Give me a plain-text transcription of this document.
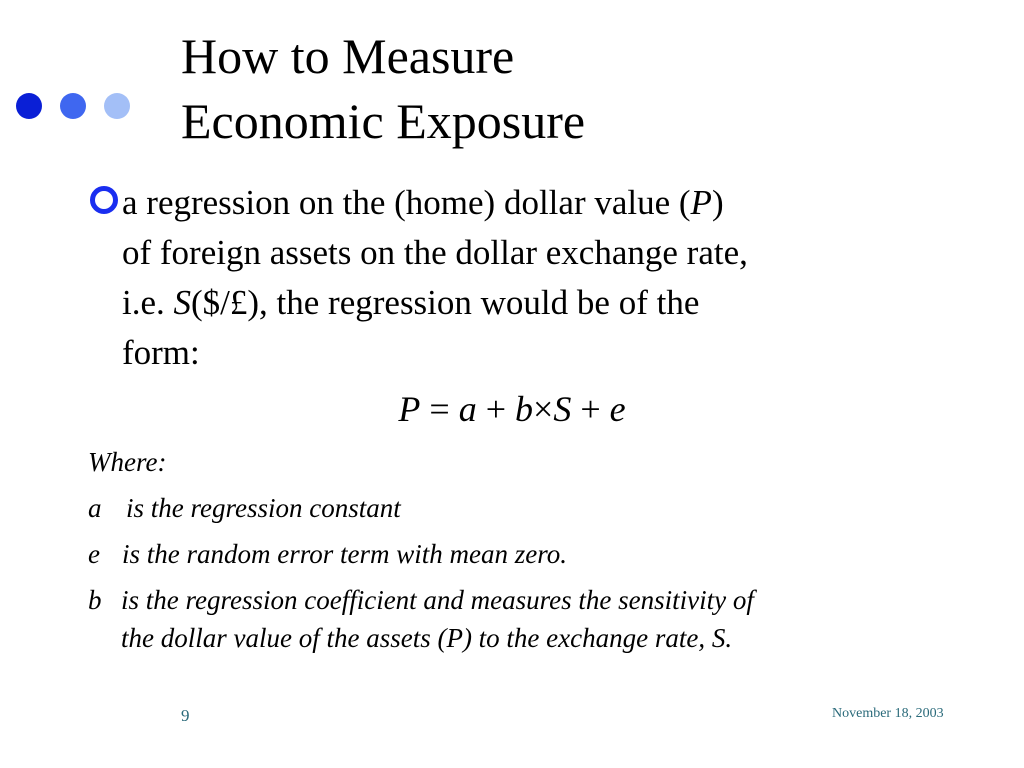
How to Measure
Economic Exposure
a regression on the (home) dollar value (P)
of foreign assets on the dollar exchange rate,
i.e. S($/£), the regression would be of the
form:
P = a + b×S + e
Where:
a is the regression constant
e is the random error term with mean zero.
b is the regression coefficient and measures the sensitivity of
the dollar value of the assets (P) to the exchange rate, S.
9	November 18, 2003
